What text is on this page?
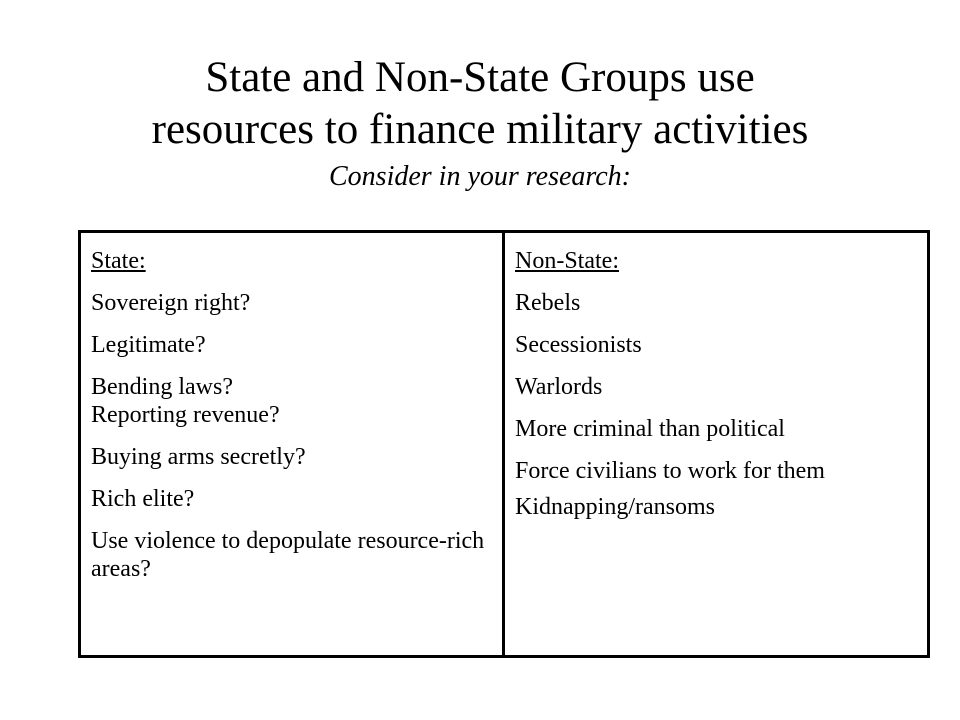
State and Non-State Groups use
resources to finance military activities
Consider in your research:
State:
Sovereign right?
Legitimate?
Bending laws?
Reporting revenue?
Buying arms secretly?
Rich elite?
Use violence to depopulate resource-rich areas?
Non-State:
Rebels
Secessionists
Warlords
More criminal than political
Force civilians to work for them
Kidnapping/ransoms
